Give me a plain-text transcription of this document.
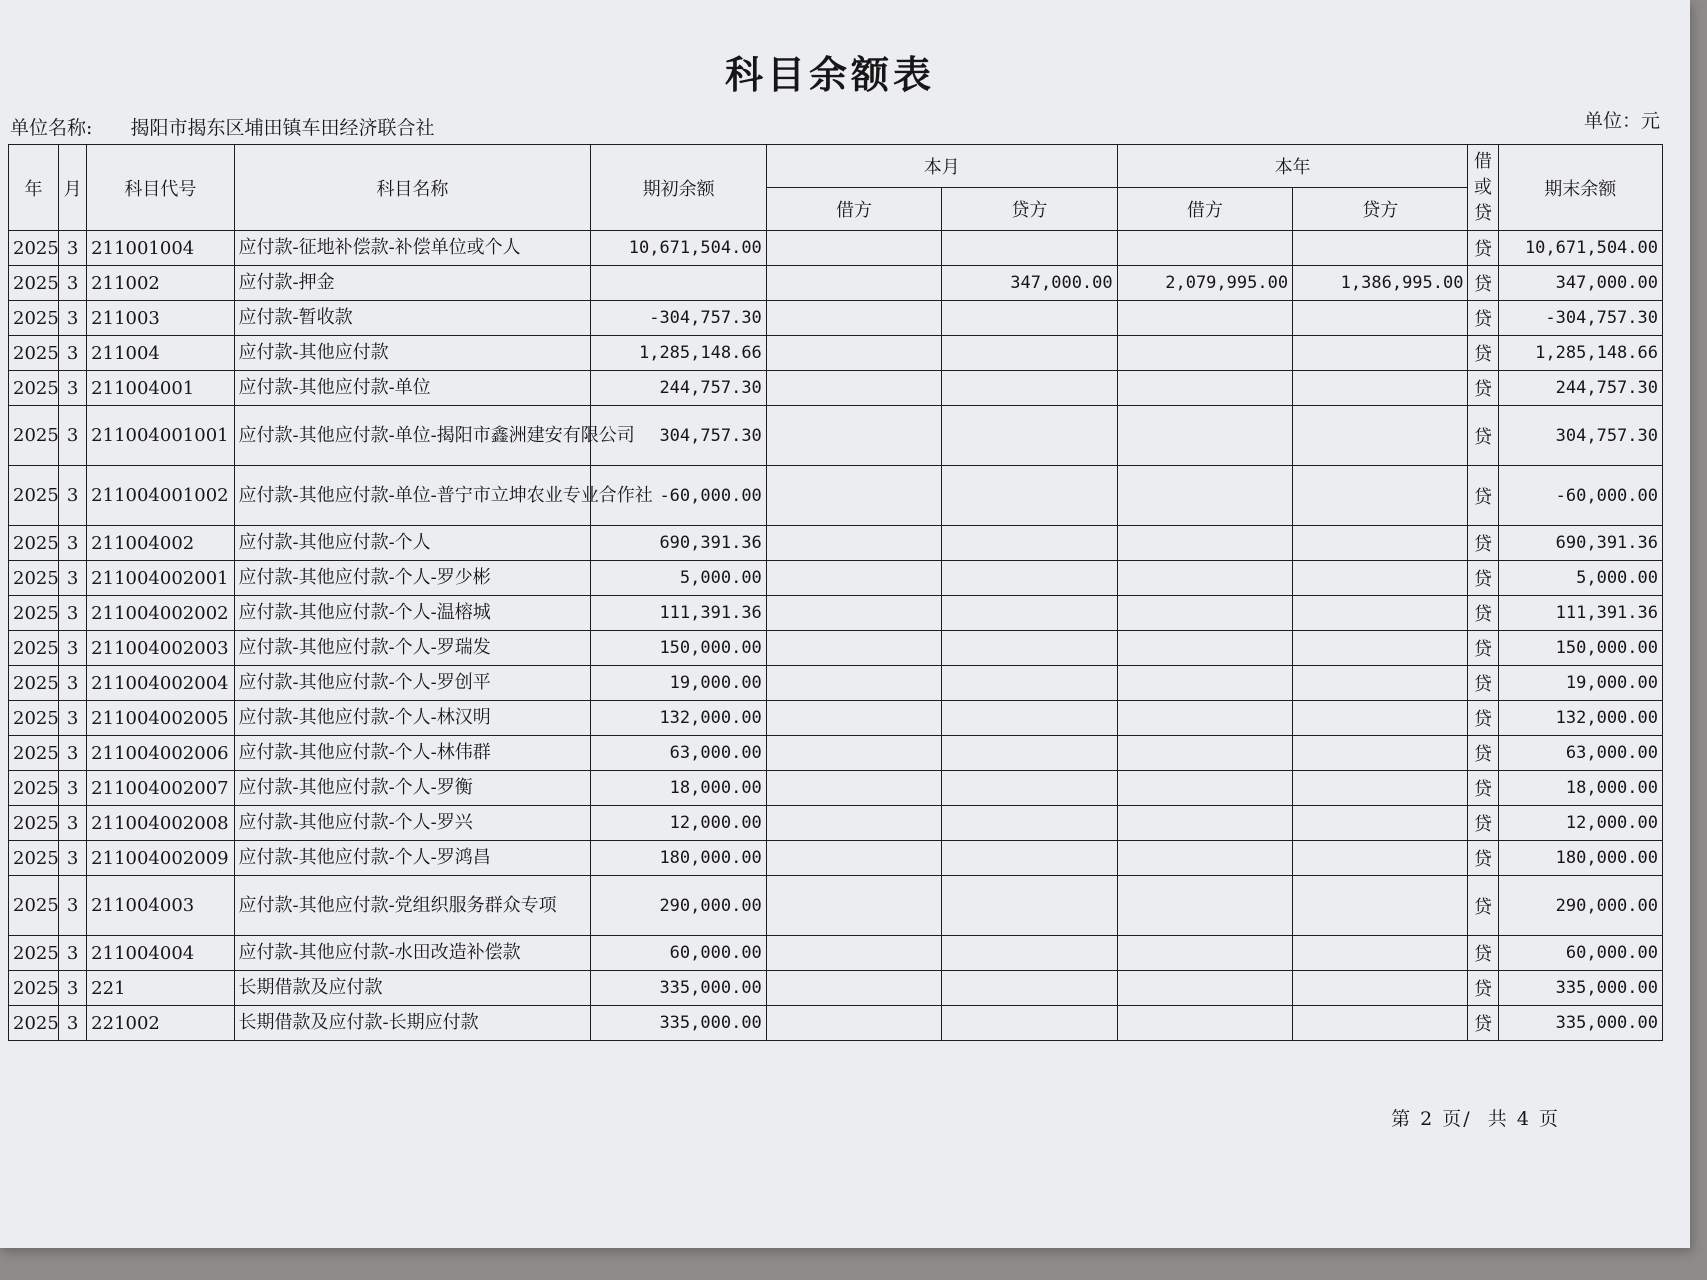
科目余额表
单位名称: 揭阳市揭东区埔田镇车田经济联合社	单位：元
年	月	科目代号	科目名称	期初余额	本月		本年		借或贷	期末余额
					借方	贷方	借方	贷方		
2025	3	211001004	应付款-征地补偿款-补偿单位或个人	10,671,504.00					贷	10,671,504.00
2025	3	211002	应付款-押金			347,000.00	2,079,995.00	1,386,995.00	贷	347,000.00
2025	3	211003	应付款-暂收款	-304,757.30					贷	-304,757.30
2025	3	211004	应付款-其他应付款	1,285,148.66					贷	1,285,148.66
2025	3	211004001	应付款-其他应付款-单位	244,757.30					贷	244,757.30
2025	3	211004001001	应付款-其他应付款-单位-揭阳市鑫洲建安有限公司	304,757.30					贷	304,757.30
2025	3	211004001002	应付款-其他应付款-单位-普宁市立坤农业专业合作社	-60,000.00					贷	-60,000.00
2025	3	211004002	应付款-其他应付款-个人	690,391.36					贷	690,391.36
2025	3	211004002001	应付款-其他应付款-个人-罗少彬	5,000.00					贷	5,000.00
2025	3	211004002002	应付款-其他应付款-个人-温榕城	111,391.36					贷	111,391.36
2025	3	211004002003	应付款-其他应付款-个人-罗瑞发	150,000.00					贷	150,000.00
2025	3	211004002004	应付款-其他应付款-个人-罗创平	19,000.00					贷	19,000.00
2025	3	211004002005	应付款-其他应付款-个人-林汉明	132,000.00					贷	132,000.00
2025	3	211004002006	应付款-其他应付款-个人-林伟群	63,000.00					贷	63,000.00
2025	3	211004002007	应付款-其他应付款-个人-罗衡	18,000.00					贷	18,000.00
2025	3	211004002008	应付款-其他应付款-个人-罗兴	12,000.00					贷	12,000.00
2025	3	211004002009	应付款-其他应付款-个人-罗鸿昌	180,000.00					贷	180,000.00
2025	3	211004003	应付款-其他应付款-党组织服务群众专项	290,000.00					贷	290,000.00
2025	3	211004004	应付款-其他应付款-水田改造补偿款	60,000.00					贷	60,000.00
2025	3	221	长期借款及应付款	335,000.00					贷	335,000.00
2025	3	221002	长期借款及应付款-长期应付款	335,000.00					贷	335,000.00
第 2 页/ 共 4 页
